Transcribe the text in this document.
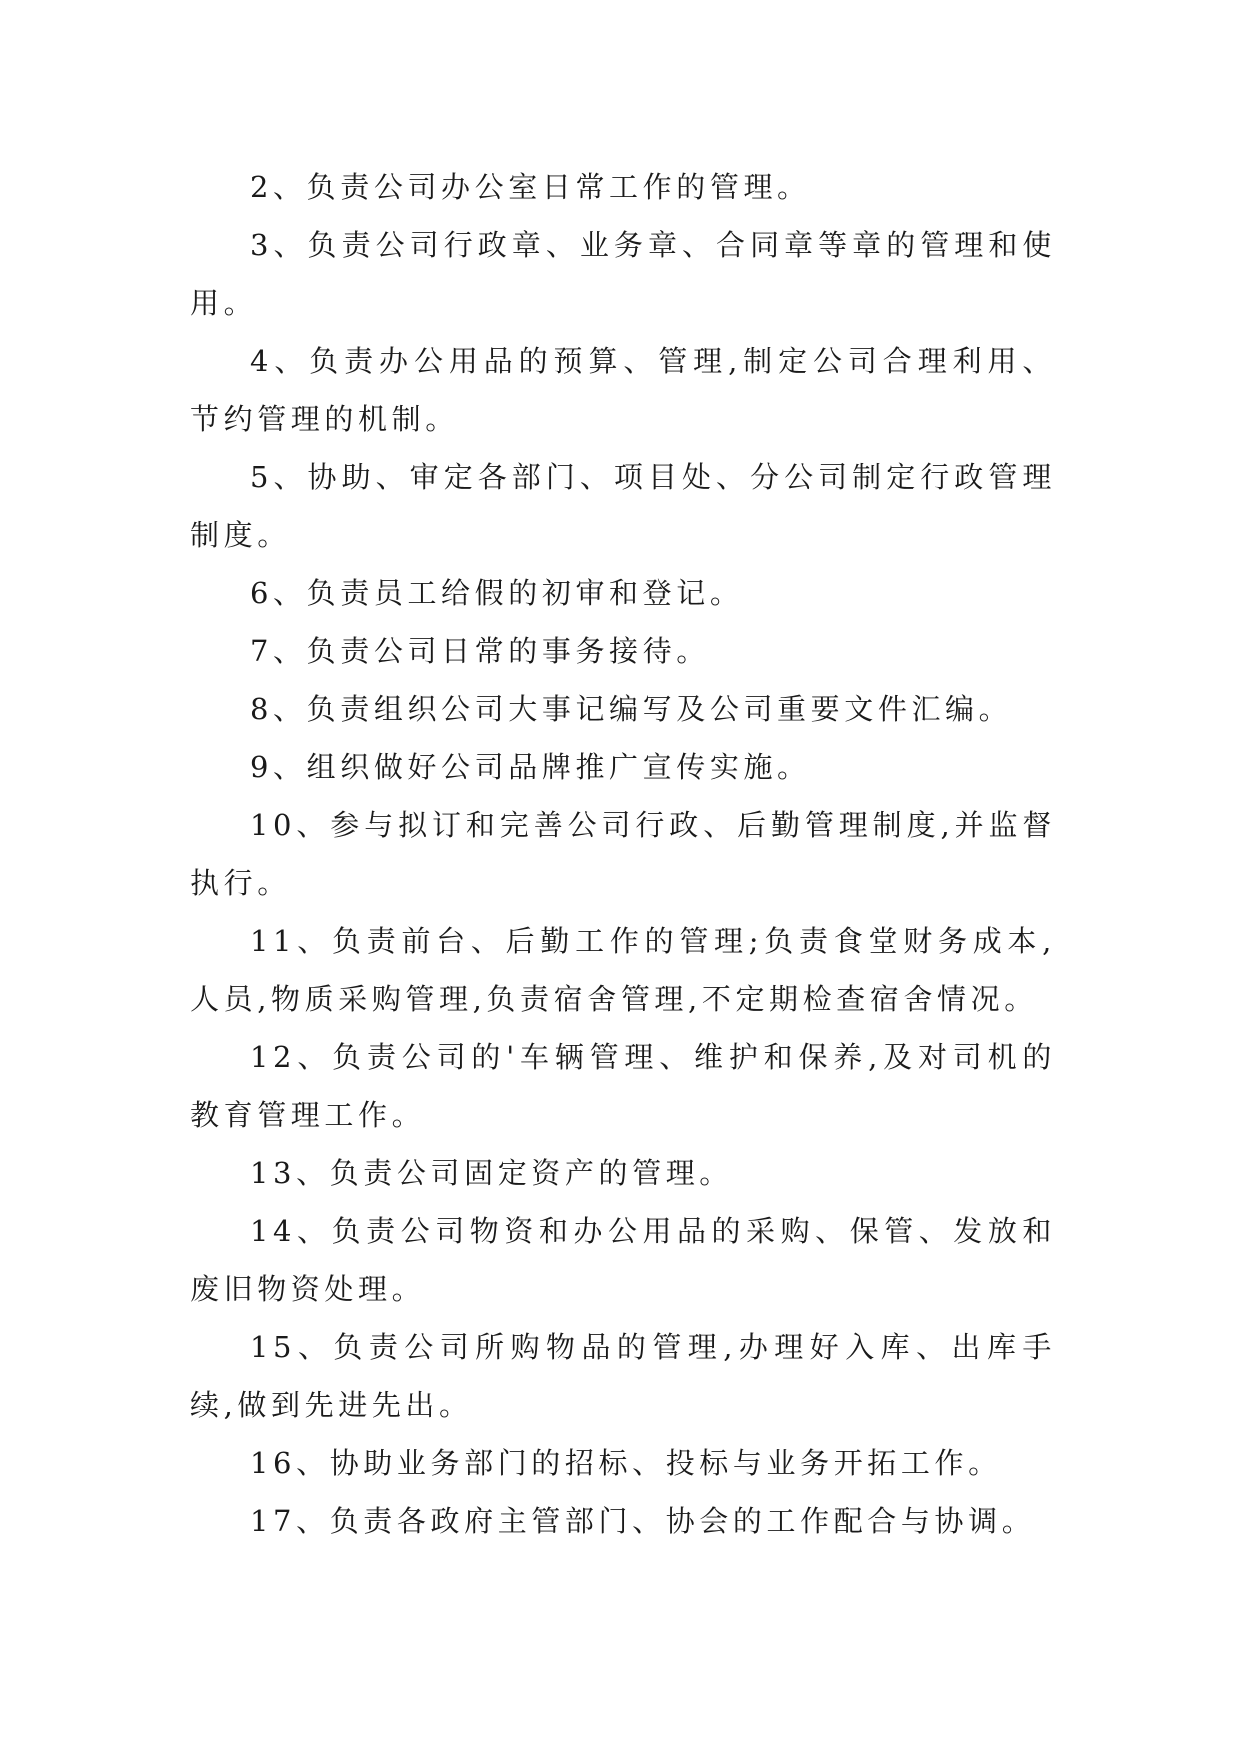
2、负责公司办公室日常工作的管理。

3、负责公司行政章、业务章、合同章等章的管理和使用。

4、负责办公用品的预算、管理,制定公司合理利用、节约管理的机制。

5、协助、审定各部门、项目处、分公司制定行政管理制度。

6、负责员工给假的初审和登记。

7、负责公司日常的事务接待。

8、负责组织公司大事记编写及公司重要文件汇编。

9、组织做好公司品牌推广宣传实施。

10、参与拟订和完善公司行政、后勤管理制度,并监督执行。

11、负责前台、后勤工作的管理;负责食堂财务成本,人员,物质采购管理,负责宿舍管理,不定期检查宿舍情况。

12、负责公司的'车辆管理、维护和保养,及对司机的教育管理工作。

13、负责公司固定资产的管理。

14、负责公司物资和办公用品的采购、保管、发放和废旧物资处理。

15、负责公司所购物品的管理,办理好入库、出库手续,做到先进先出。

16、协助业务部门的招标、投标与业务开拓工作。

17、负责各政府主管部门、协会的工作配合与协调。
